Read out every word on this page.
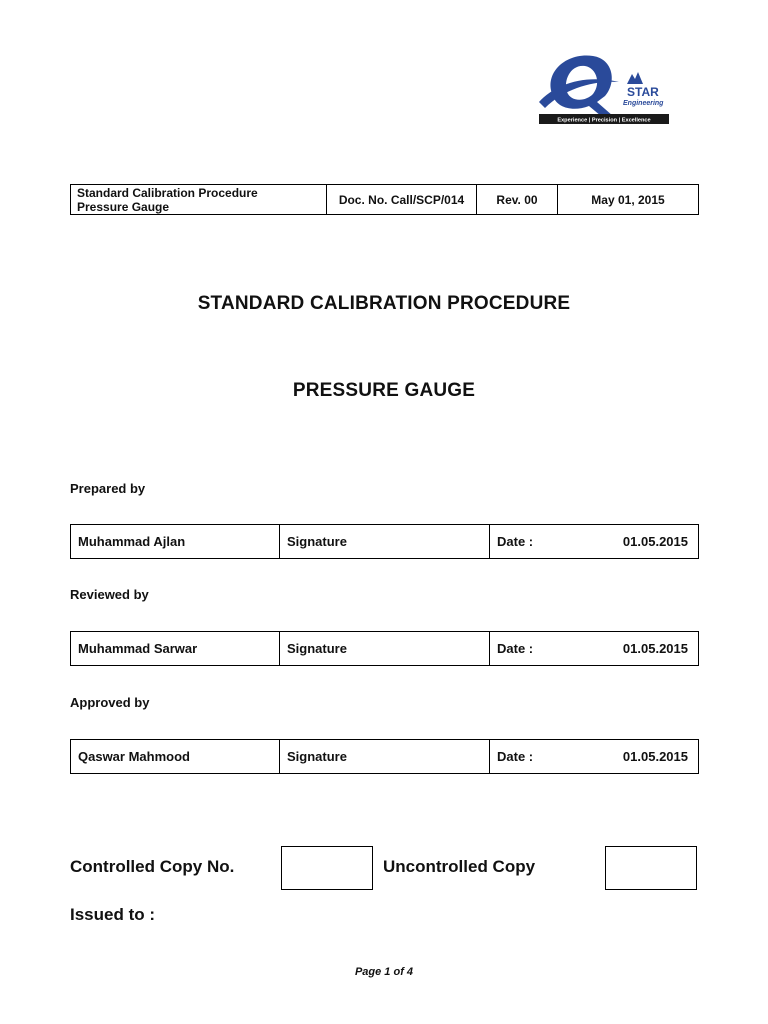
STAR
Engineering
Experience | Precision | Excellence
Standard Calibration Procedure
Pressure Gauge	Doc. No. Call/SCP/014	Rev. 00	May 01, 2015
STANDARD CALIBRATION PROCEDURE
PRESSURE GAUGE
Prepared by
Muhammad Ajlan	Signature	Date :	01.05.2015
Reviewed by
Muhammad Sarwar	Signature	Date :	01.05.2015
Approved by
Qaswar Mahmood	Signature	Date :	01.05.2015
Controlled Copy No.	Uncontrolled Copy
Issued to :
Page 1 of 4
